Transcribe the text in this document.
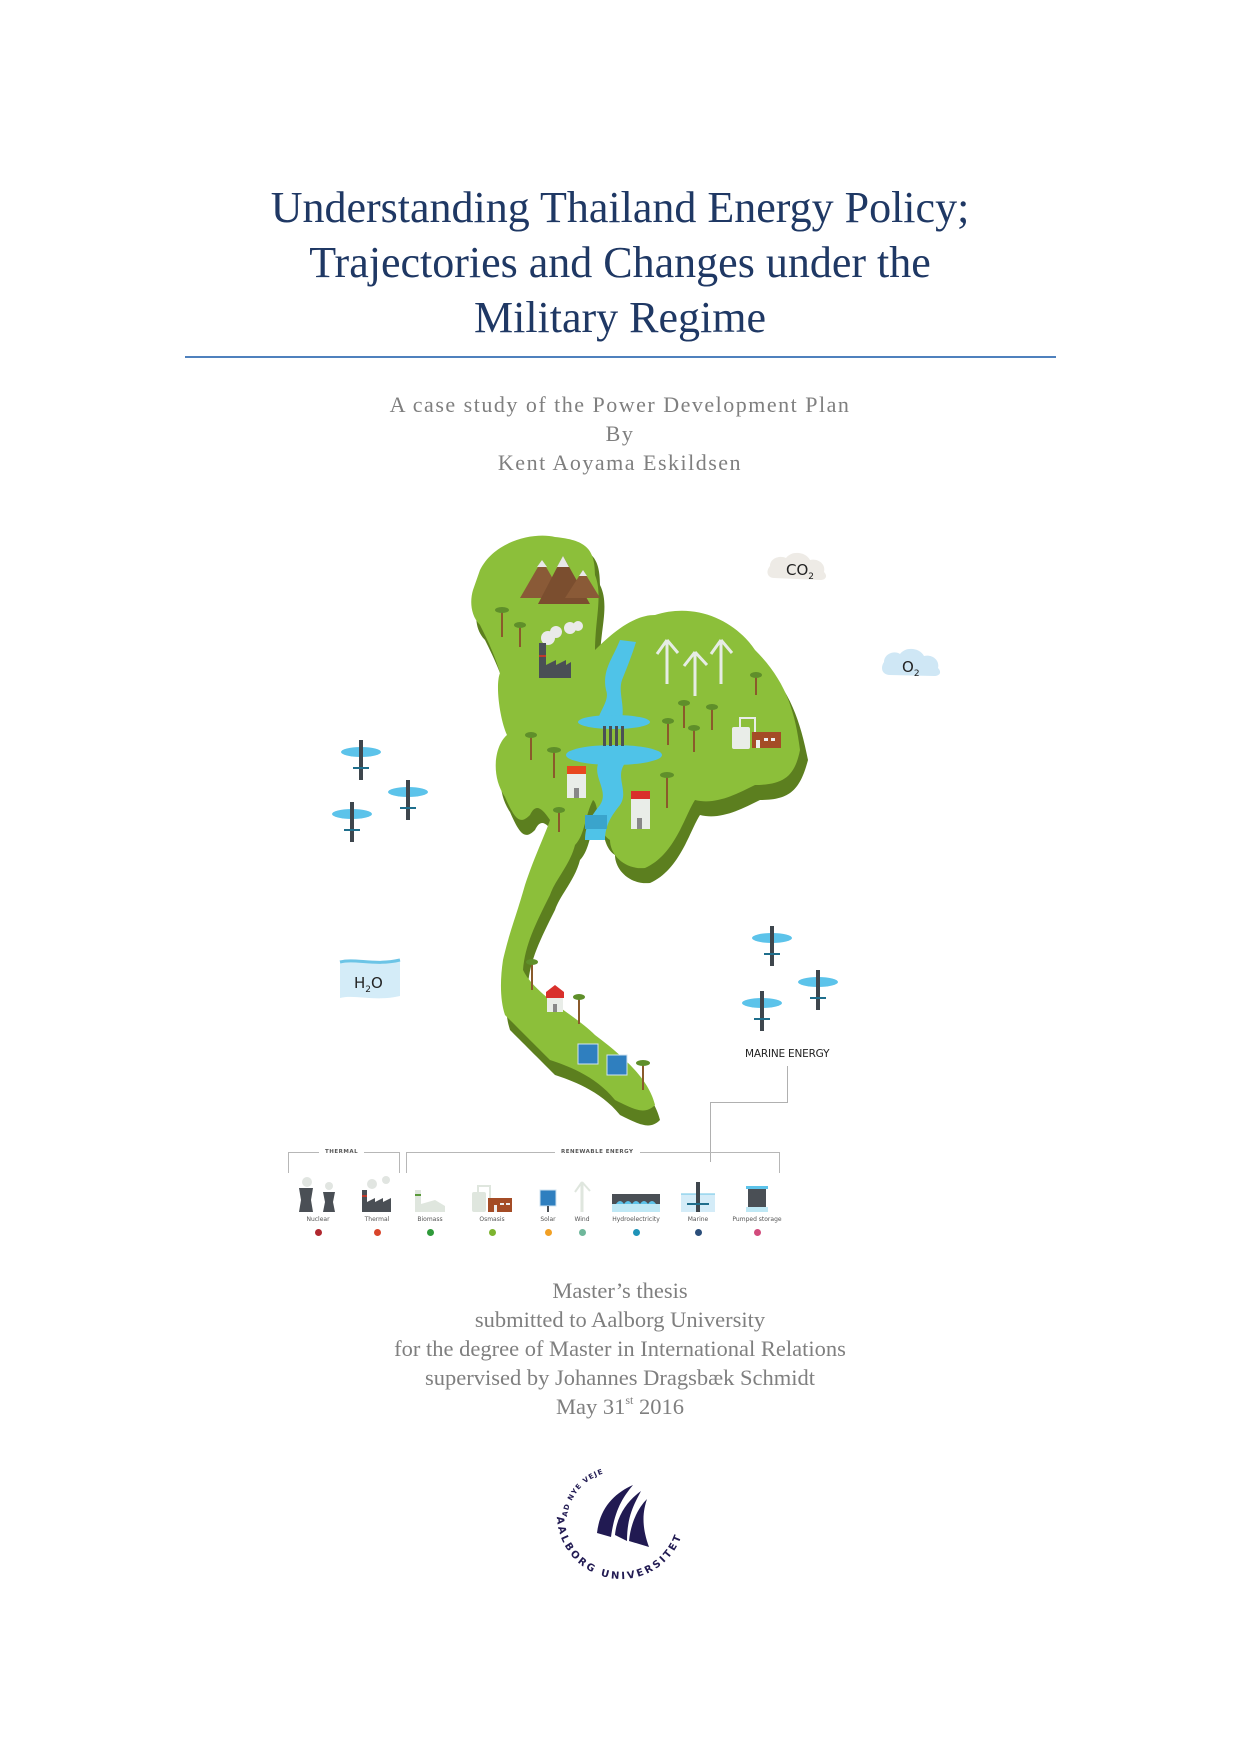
Understanding Thailand Energy Policy;
Trajectories and Changes under the
Military Regime
A case study of the Power Development Plan
By
Kent Aoyama Eskildsen
$CO_2$
$O_2$
$H_2O$
MARINE ENERGY
THERMAL	RENEWABLE ENERGY
Nuclear	Thermal	Biomass	Osmasis	Solar	Wind	Hydroelectricity	Marine	Pumped storage
Master’s thesis
submitted to Aalborg University
for the degree of Master in International Relations
supervised by Johannes Dragsbæk Schmidt
May 31st 2016
AD NYE VEJE
AALBORG UNIVERSITET
